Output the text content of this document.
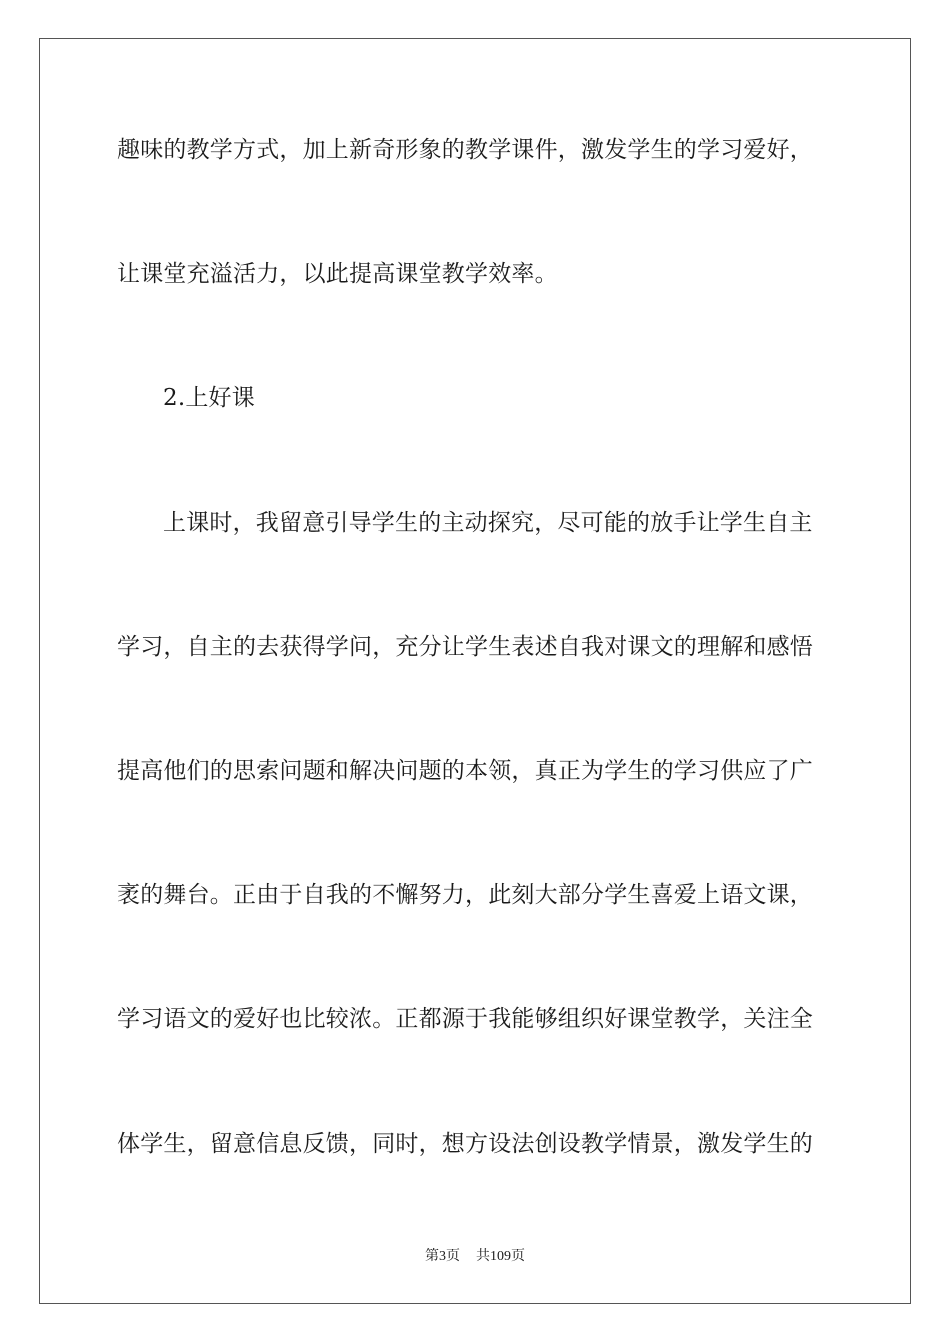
趣味的教学方式，加上新奇形象的教学课件，激发学生的学习爱好，
让课堂充溢活力，以此提高课堂教学效率。
2.上好课
上课时，我留意引导学生的主动探究，尽可能的放手让学生自主
学习，自主的去获得学问，充分让学生表述自我对课文的理解和感悟
提高他们的思索问题和解决问题的本领，真正为学生的学习供应了广
袤的舞台。正由于自我的不懈努力，此刻大部分学生喜爱上语文课，
学习语文的爱好也比较浓。正都源于我能够组织好课堂教学，关注全
体学生，留意信息反馈，同时，想方设法创设教学情景，激发学生的
第3页 共109页
